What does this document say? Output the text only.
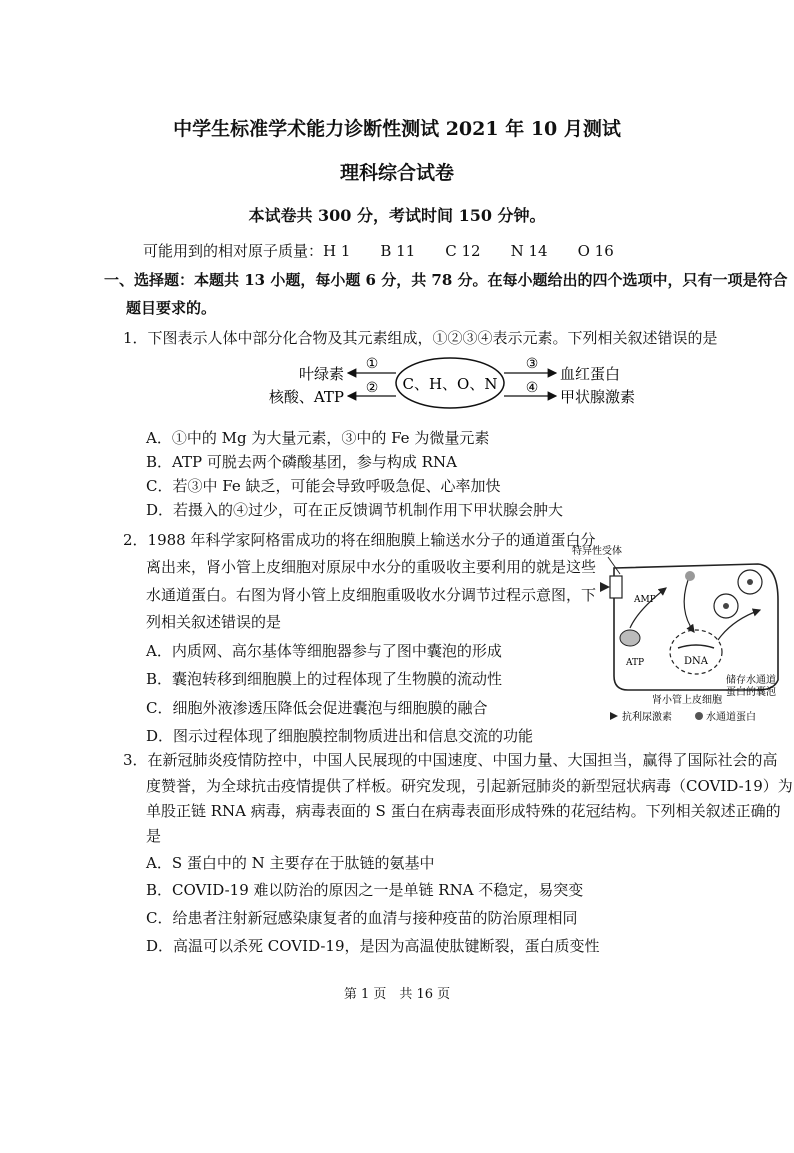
中学生标准学术能力诊断性测试 2021 年 10 月测试
理科综合试卷
本试卷共 300 分，考试时间 150 分钟。
可能用到的相对原子质量：H 1　　B 11　　C 12　　N 14　　O 16
一、选择题：本题共 13 小题，每小题 6 分，共 78 分。在每小题给出的四个选项中，只有一项是符合
题目要求的。
1．下图表示人体中部分化合物及其元素组成，①②③④表示元素。下列相关叙述错误的是
C、H、O、N
①
②
③
④
叶绿素
核酸、ATP
血红蛋白
甲状腺激素
A．①中的 Mg 为大量元素，③中的 Fe 为微量元素
B．ATP 可脱去两个磷酸基团，参与构成 RNA
C．若③中 Fe 缺乏，可能会导致呼吸急促、心率加快
D．若摄入的④过少，可在正反馈调节机制作用下甲状腺会肿大
2．1988 年科学家阿格雷成功的将在细胞膜上输送水分子的通道蛋白分
离出来，肾小管上皮细胞对原尿中水分的重吸收主要利用的就是这些
水通道蛋白。右图为肾小管上皮细胞重吸收水分调节过程示意图，下
列相关叙述错误的是
A．内质网、高尔基体等细胞器参与了图中囊泡的形成
B．囊泡转移到细胞膜上的过程体现了生物膜的流动性
C．细胞外液渗透压降低会促进囊泡与细胞膜的融合
D．图示过程体现了细胞膜控制物质进出和信息交流的功能
特异性受体
AMP
ATP	DNA
储存水通道
蛋白的囊泡
肾小管上皮细胞
抗利尿激素	水通道蛋白
3．在新冠肺炎疫情防控中，中国人民展现的中国速度、中国力量、大国担当，赢得了国际社会的高
度赞誉，为全球抗击疫情提供了样板。研究发现，引起新冠肺炎的新型冠状病毒（COVID-19）为
单股正链 RNA 病毒，病毒表面的 S 蛋白在病毒表面形成特殊的花冠结构。下列相关叙述正确的
是
A．S 蛋白中的 N 主要存在于肽链的氨基中
B．COVID-19 难以防治的原因之一是单链 RNA 不稳定，易突变
C．给患者注射新冠感染康复者的血清与接种疫苗的防治原理相同
D．高温可以杀死 COVID-19，是因为高温使肽键断裂，蛋白质变性
第 1 页　共 16 页
